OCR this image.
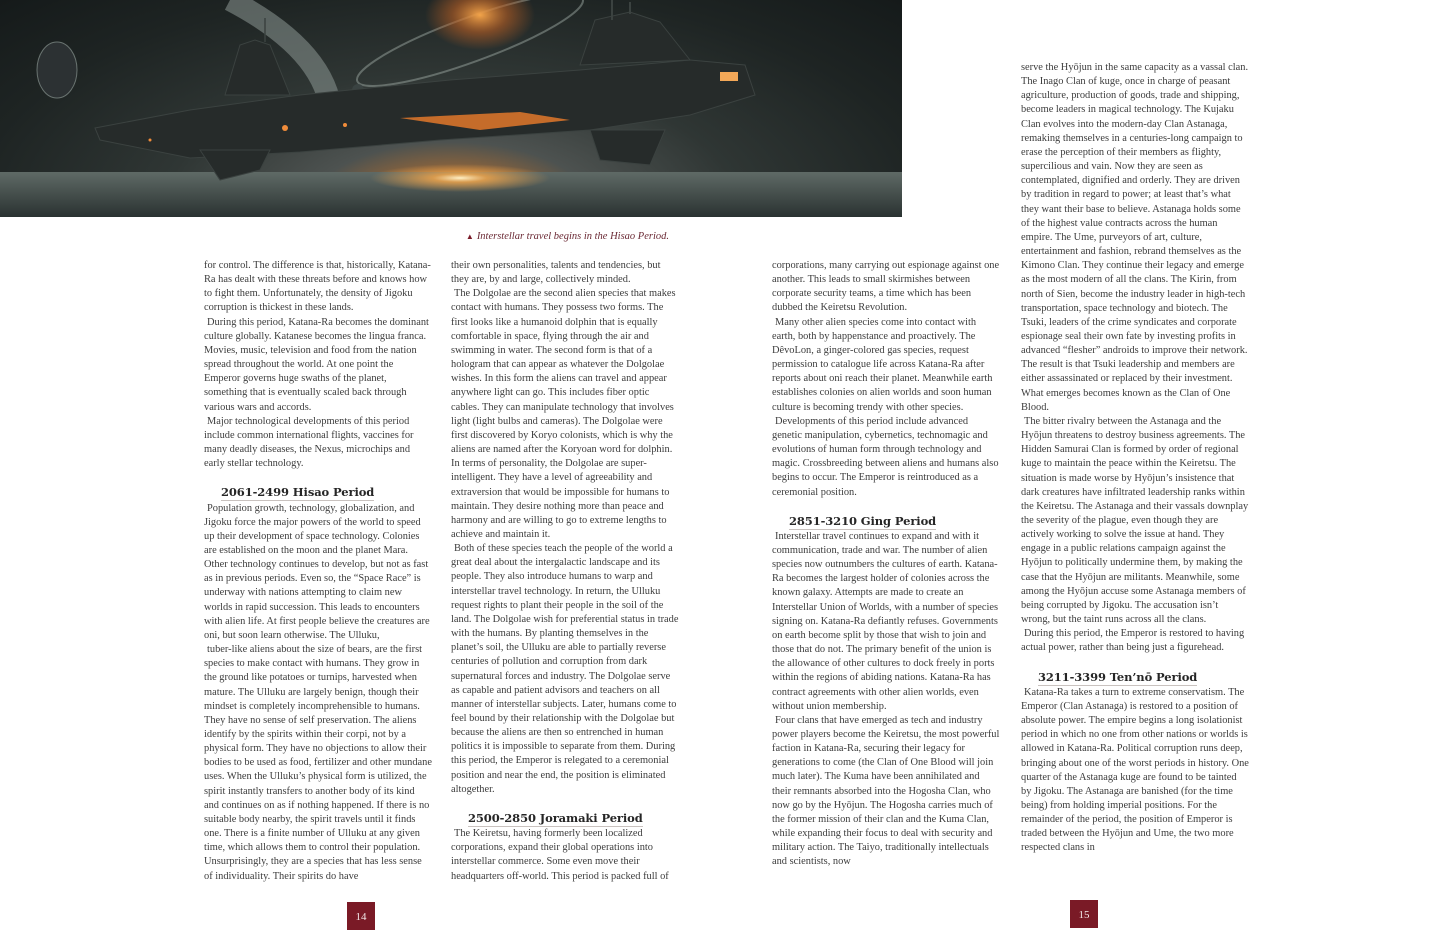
▲ Interstellar travel begins in the Hisao Period.

for control. The difference is that, historically, Katana-Ra has dealt with these threats before and knows how to fight them. Unfortunately, the density of Jigoku corruption is thickest in these lands.

During this period, Katana-Ra becomes the dominant culture globally. Katanese becomes the lingua franca. Movies, music, television and food from the nation spread throughout the world. At one point the Emperor governs huge swaths of the planet, something that is eventually scaled back through various wars and accords.

Major technological developments of this period include common international flights, vaccines for many deadly diseases, the Nexus, microchips and early stellar technology.

2061-2499 Hisao Period

Population growth, technology, globalization, and Jigoku force the major powers of the world to speed up their development of space technology. Colonies are established on the moon and the planet Mara. Other technology continues to develop, but not as fast as in previous periods. Even so, the “Space Race” is underway with nations attempting to claim new worlds in rapid succession. This leads to encounters with alien life. At first people believe the creatures are oni, but soon learn otherwise. The Ulluku,

tuber-like aliens about the size of bears, are the first species to make contact with humans. They grow in the ground like potatoes or turnips, harvested when mature. The Ulluku are largely benign, though their mindset is completely incomprehensible to humans. They have no sense of self preservation. The aliens identify by the spirits within their corpi, not by a physical form. They have no objections to allow their bodies to be used as food, fertilizer and other mundane uses. When the Ulluku’s physical form is utilized, the spirit instantly transfers to another body of its kind and continues on as if nothing happened. If there is no suitable body nearby, the spirit travels until it finds one. There is a finite number of Ulluku at any given time, which allows them to control their population. Unsurprisingly, they are a species that has less sense of individuality. Their spirits do have

their own personalities, talents and tendencies, but they are, by and large, collectively minded.

The Dolgolae are the second alien species that makes contact with humans. They possess two forms. The first looks like a humanoid dolphin that is equally comfortable in space, flying through the air and swimming in water. The second form is that of a hologram that can appear as whatever the Dolgolae wishes. In this form the aliens can travel and appear anywhere light can go. This includes fiber optic cables. They can manipulate technology that involves light (light bulbs and cameras). The Dolgolae were first discovered by Koryo colonists, which is why the aliens are named after the Koryoan word for dolphin. In terms of personality, the Dolgolae are super-intelligent. They have a level of agreeability and extraversion that would be impossible for humans to maintain. They desire nothing more than peace and harmony and are willing to go to extreme lengths to achieve and maintain it.

Both of these species teach the people of the world a great deal about the intergalactic landscape and its people. They also introduce humans to warp and interstellar travel technology. In return, the Ulluku request rights to plant their people in the soil of the land. The Dolgolae wish for preferential status in trade with the humans. By planting themselves in the planet’s soil, the Ulluku are able to partially reverse centuries of pollution and corruption from dark supernatural forces and industry. The Dolgolae serve as capable and patient advisors and teachers on all manner of interstellar subjects. Later, humans come to feel bound by their relationship with the Dolgolae but because the aliens are then so entrenched in human politics it is impossible to separate from them. During this period, the Emperor is relegated to a ceremonial position and near the end, the position is eliminated altogether.

2500-2850 Joramaki Period

The Keiretsu, having formerly been localized corporations, expand their global operations into interstellar commerce. Some even move their headquarters off-world. This period is packed full of

corporations, many carrying out espionage against one another. This leads to small skirmishes between corporate security teams, a time which has been dubbed the Keiretsu Revolution.

Many other alien species come into contact with earth, both by happenstance and proactively. The DêvoLon, a ginger-colored gas species, request permission to catalogue life across Katana-Ra after reports about oni reach their planet. Meanwhile earth establishes colonies on alien worlds and soon human culture is becoming trendy with other species.

Developments of this period include advanced genetic manipulation, cybernetics, technomagic and evolutions of human form through technology and magic. Crossbreeding between aliens and humans also begins to occur. The Emperor is reintroduced as a ceremonial position.

2851-3210 Ging Period

Interstellar travel continues to expand and with it communication, trade and war. The number of alien species now outnumbers the cultures of earth. Katana-Ra becomes the largest holder of colonies across the known galaxy. Attempts are made to create an Interstellar Union of Worlds, with a number of species signing on. Katana-Ra defiantly refuses. Governments on earth become split by those that wish to join and those that do not. The primary benefit of the union is the allowance of other cultures to dock freely in ports within the regions of abiding nations. Katana-Ra has contract agreements with other alien worlds, even without union membership.

Four clans that have emerged as tech and industry power players become the Keiretsu, the most powerful faction in Katana-Ra, securing their legacy for generations to come (the Clan of One Blood will join much later). The Kuma have been annihilated and their remnants absorbed into the Hogosha Clan, who now go by the Hyōjun. The Hogosha carries much of the former mission of their clan and the Kuma Clan, while expanding their focus to deal with security and military action. The Taiyo, traditionally intellectuals and scientists, now

serve the Hyōjun in the same capacity as a vassal clan. The Inago Clan of kuge, once in charge of peasant agriculture, production of goods, trade and shipping, become leaders in magical technology. The Kujaku Clan evolves into the modern-day Clan Astanaga, remaking themselves in a centuries-long campaign to erase the perception of their members as flighty, supercilious and vain. Now they are seen as contemplated, dignified and orderly. They are driven by tradition in regard to power; at least that’s what they want their base to believe. Astanaga holds some of the highest value contracts across the human empire. The Ume, purveyors of art, culture, entertainment and fashion, rebrand themselves as the Kimono Clan. They continue their legacy and emerge as the most modern of all the clans. The Kirin, from north of Sien, become the industry leader in high-tech transportation, space technology and biotech. The Tsuki, leaders of the crime syndicates and corporate espionage seal their own fate by investing profits in advanced “flesher” androids to improve their network. The result is that Tsuki leadership and members are either assassinated or replaced by their investment. What emerges becomes known as the Clan of One Blood.

The bitter rivalry between the Astanaga and the Hyōjun threatens to destroy business agreements. The Hidden Samurai Clan is formed by order of regional kuge to maintain the peace within the Keiretsu. The situation is made worse by Hyōjun’s insistence that dark creatures have infiltrated leadership ranks within the Keiretsu. The Astanaga and their vassals downplay the severity of the plague, even though they are actively working to solve the issue at hand. They engage in a public relations campaign against the Hyōjun to politically undermine them, by making the case that the Hyōjun are militants. Meanwhile, some among the Hyōjun accuse some Astanaga members of being corrupted by Jigoku. The accusation isn’t wrong, but the taint runs across all the clans.

During this period, the Emperor is restored to having actual power, rather than being just a figurehead.

3211-3399 Ten’nō Period

Katana-Ra takes a turn to extreme conservatism. The Emperor (Clan Astanaga) is restored to a position of absolute power. The empire begins a long isolationist period in which no one from other nations or worlds is allowed in Katana-Ra. Political corruption runs deep, bringing about one of the worst periods in history. One quarter of the Astanaga kuge are found to be tainted by Jigoku. The Astanaga are banished (for the time being) from holding imperial positions. For the remainder of the period, the position of Emperor is traded between the Hyōjun and Ume, the two more respected clans in

14	15
